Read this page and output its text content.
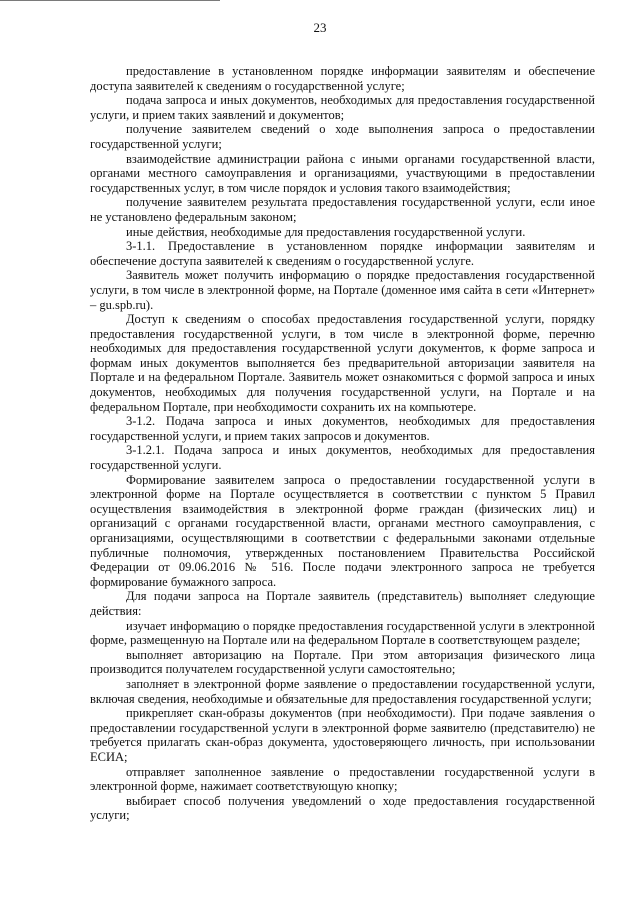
23

предоставление в установленном порядке информации заявителям и обеспечение доступа заявителей к сведениям о государственной услуге;

подача запроса и иных документов, необходимых для предоставления государственной услуги, и прием таких заявлений и документов;

получение заявителем сведений о ходе выполнения запроса о предоставлении государственной услуги;

взаимодействие администрации района с иными органами государственной власти, органами местного самоуправления и организациями, участвующими в предоставлении государственных услуг, в том числе порядок и условия такого взаимодействия;

получение заявителем результата предоставления государственной услуги, если иное не установлено федеральным законом;

иные действия, необходимые для предоставления государственной услуги.

3-1.1. Предоставление в установленном порядке информации заявителям и обеспечение доступа заявителей к сведениям о государственной услуге.

Заявитель может получить информацию о порядке предоставления государственной услуги, в том числе в электронной форме, на Портале (доменное имя сайта в сети «Интернет» – gu.spb.ru).

Доступ к сведениям о способах предоставления государственной услуги, порядку предоставления государственной услуги, в том числе в электронной форме, перечню необходимых для предоставления государственной услуги документов, к форме запроса и формам иных документов выполняется без предварительной авторизации заявителя на Портале и на федеральном Портале. Заявитель может ознакомиться с формой запроса и иных документов, необходимых для получения государственной услуги, на Портале и на федеральном Портале, при необходимости сохранить их на компьютере.

3-1.2. Подача запроса и иных документов, необходимых для предоставления государственной услуги, и прием таких запросов и документов.

3-1.2.1. Подача запроса и иных документов, необходимых для предоставления государственной услуги.

Формирование заявителем запроса о предоставлении государственной услуги в электронной форме на Портале осуществляется в соответствии с пунктом 5 Правил осуществления взаимодействия в электронной форме граждан (физических лиц) и организаций с органами государственной власти, органами местного самоуправления, с организациями, осуществляющими в соответствии с федеральными законами отдельные публичные полномочия, утвержденных постановлением Правительства Российской Федерации от 09.06.2016 № 516. После подачи электронного запроса не требуется формирование бумажного запроса.

Для подачи запроса на Портале заявитель (представитель) выполняет следующие действия:

изучает информацию о порядке предоставления государственной услуги в электронной форме, размещенную на Портале или на федеральном Портале в соответствующем разделе;

выполняет авторизацию на Портале. При этом авторизация физического лица производится получателем государственной услуги самостоятельно;

заполняет в электронной форме заявление о предоставлении государственной услуги, включая сведения, необходимые и обязательные для предоставления государственной услуги;

прикрепляет скан-образы документов (при необходимости). При подаче заявления о предоставлении государственной услуги в электронной форме заявителю (представителю) не требуется прилагать скан-образ документа, удостоверяющего личность, при использовании ЕСИА;

отправляет заполненное заявление о предоставлении государственной услуги в электронной форме, нажимает соответствующую кнопку;

выбирает способ получения уведомлений о ходе предоставления государственной услуги;
